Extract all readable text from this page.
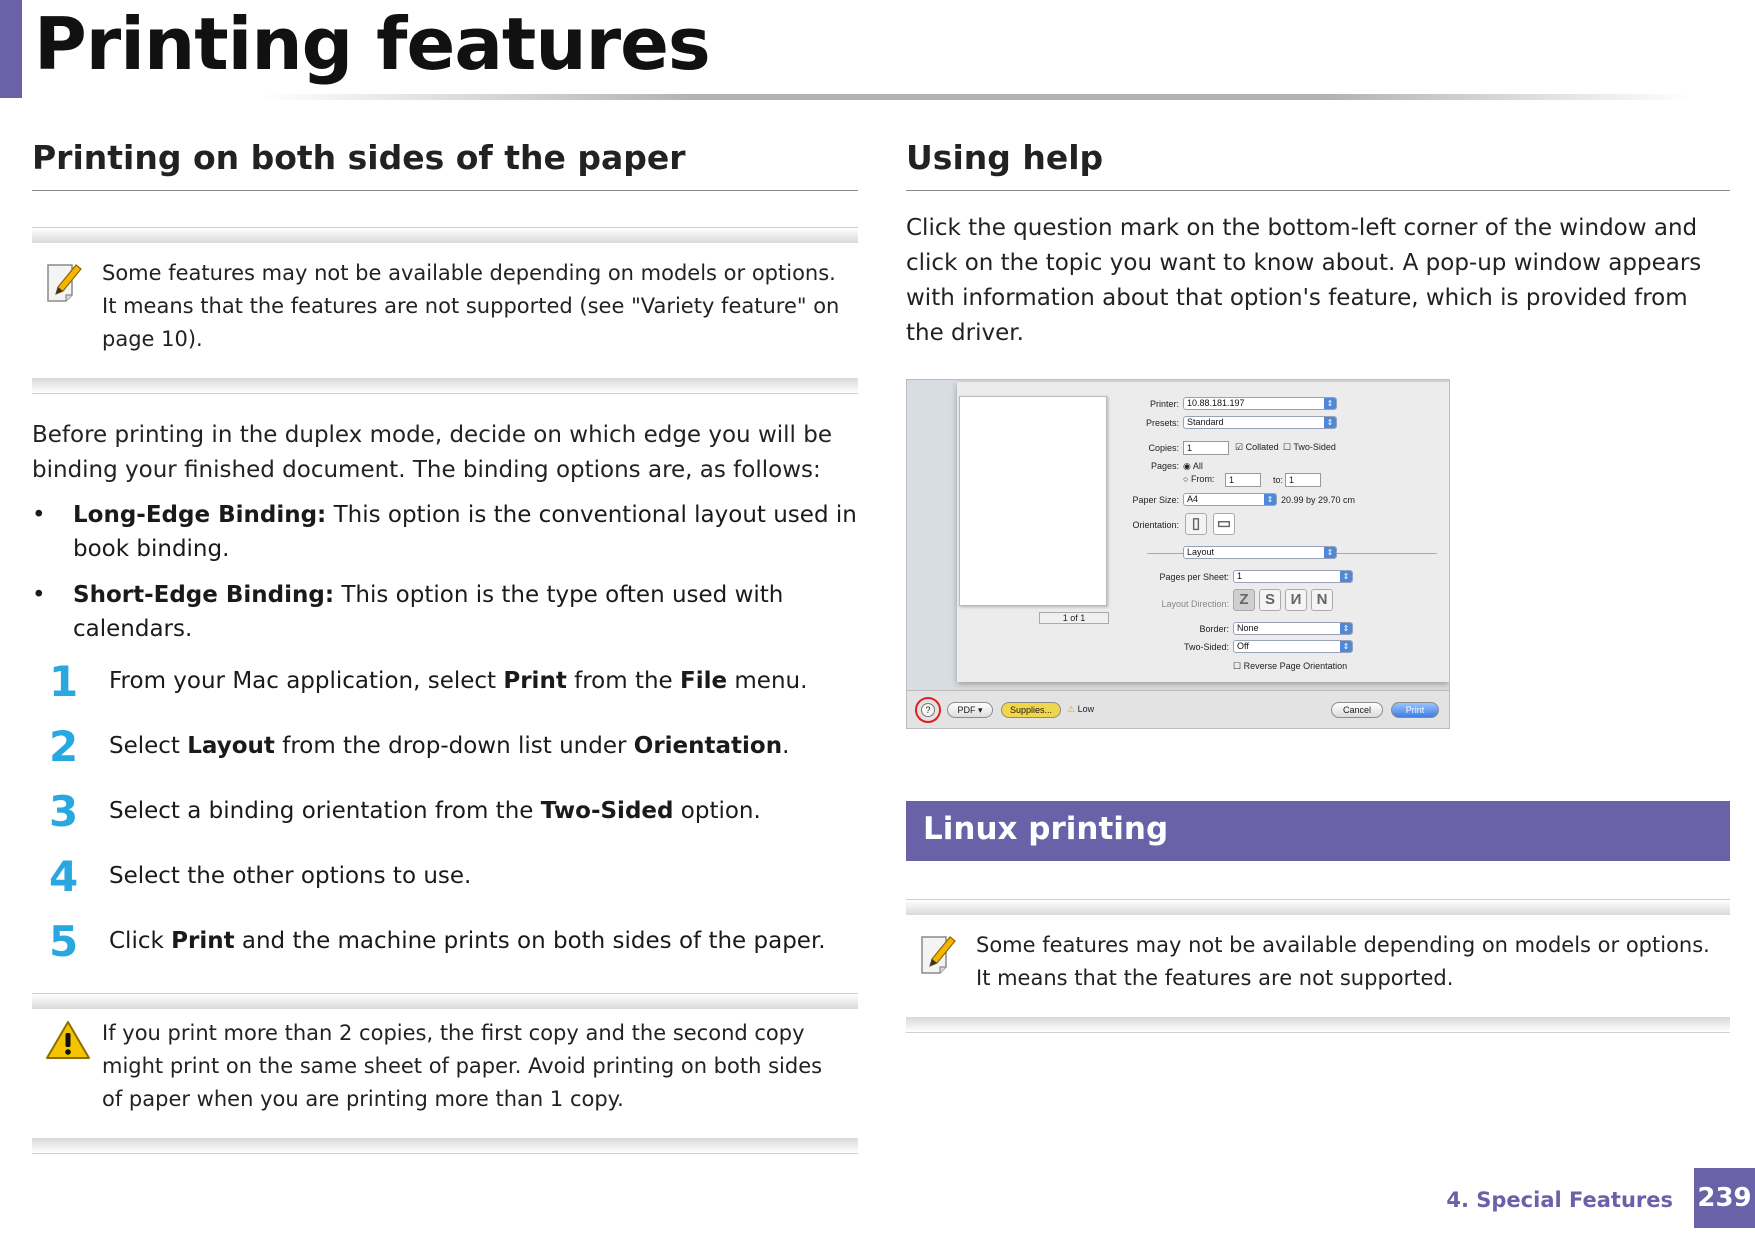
Printing features
Printing on both sides of the paper
Some features may not be available depending on models or options. It means that the features are not supported (see "Variety feature" on page 10).

Before printing in the duplex mode, decide on which edge you will be binding your finished document. The binding options are, as follows:

• Long-Edge Binding: This option is the conventional layout used in book binding.
• Short-Edge Binding: This option is the type often used with calendars.
1	From your Mac application, select Print from the File menu.
2	Select Layout from the drop-down list under Orientation.
3	Select a binding orientation from the Two-Sided option.
4	Select the other options to use.
5	Click Print and the machine prints on both sides of the paper.
If you print more than 2 copies, the first copy and the second copy might print on the same sheet of paper. Avoid printing on both sides of paper when you are printing more than 1 copy.
Using help

Click the question mark on the bottom-left corner of the window and click on the topic you want to know about. A pop-up window appears with information about that option's feature, which is provided from the driver.

1 of 1
Printer: 10.88.181.197 ⇕
Presets: Standard ⇕
Copies: 1	☑ Collated ☐ Two-Sided
Pages: ◉ All
○ From:	1	to: 1
Paper Size: A4 ⇕	20.99 by 29.70 cm
Orientation: ▯	▭
Layout ⇕
Pages per Sheet: 1 ⇕
Layout Direction: Z	S	И	N
Border: None ⇕
Two-Sided: Off ⇕
☐ Reverse Page Orientation
?	PDF ▾	Supplies...	⚠ Low	Cancel	Print
Linux printing
Some features may not be available depending on models or options. It means that the features are not supported.
4. Special Features 239
